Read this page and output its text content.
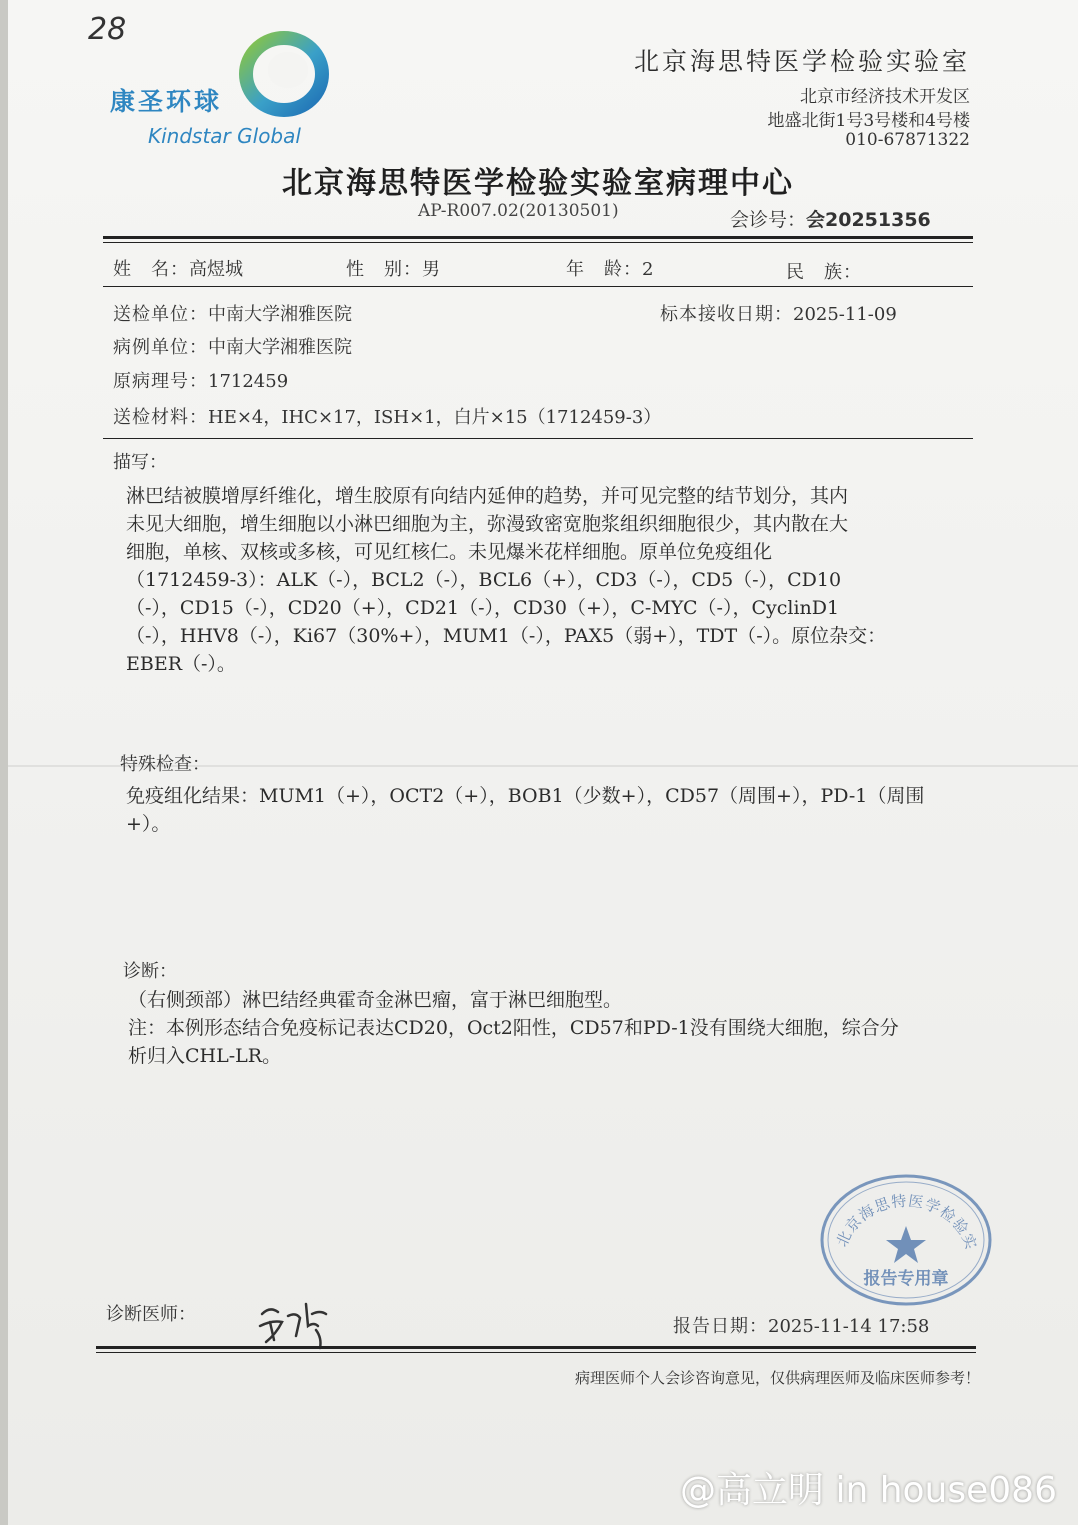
28
康圣环球
Kindstar Global
北京海思特医学检验实验室
北京市经济技术开发区
地盛北街1号3号楼和4号楼
010-67871322
北京海思特医学检验实验室病理中心
AP-R007.02(20130501)	会诊号：会20251356
姓　名：高煜城	性　别：男	年　龄：2	民　族：
送检单位：中南大学湘雅医院	标本接收日期：2025-11-09
病例单位：中南大学湘雅医院
原病理号：1712459
送检材料：HE×4，IHC×17，ISH×1，白片×15（1712459-3）
描写：
淋巴结被膜增厚纤维化，增生胶原有向结内延伸的趋势，并可见完整的结节划分，其内
未见大细胞，增生细胞以小淋巴细胞为主，弥漫致密宽胞浆组织细胞很少，其内散在大
细胞，单核、双核或多核，可见红核仁。未见爆米花样细胞。原单位免疫组化
（1712459-3）：ALK（-），BCL2（-），BCL6（+），CD3（-），CD5（-），CD10
（-），CD15（-），CD20（+），CD21（-），CD30（+），C-MYC（-），CyclinD1
（-），HHV8（-），Ki67（30%+），MUM1（-），PAX5（弱+），TDT（-）。原位杂交：
EBER（-）。
特殊检查：
免疫组化结果：MUM1（+），OCT2（+），BOB1（少数+），CD57（周围+），PD-1（周围
+）。
诊断：
（右侧颈部）淋巴结经典霍奇金淋巴瘤，富于淋巴细胞型。
注：本例形态结合免疫标记表达CD20，Oct2阳性，CD57和PD-1没有围绕大细胞，综合分
析归入CHL-LR。
北京海思特医学检验实
报告专用章
诊断医师：
报告日期：2025-11-14 17:58
病理医师个人会诊咨询意见，仅供病理医师及临床医师参考！
@高立明 in house086
